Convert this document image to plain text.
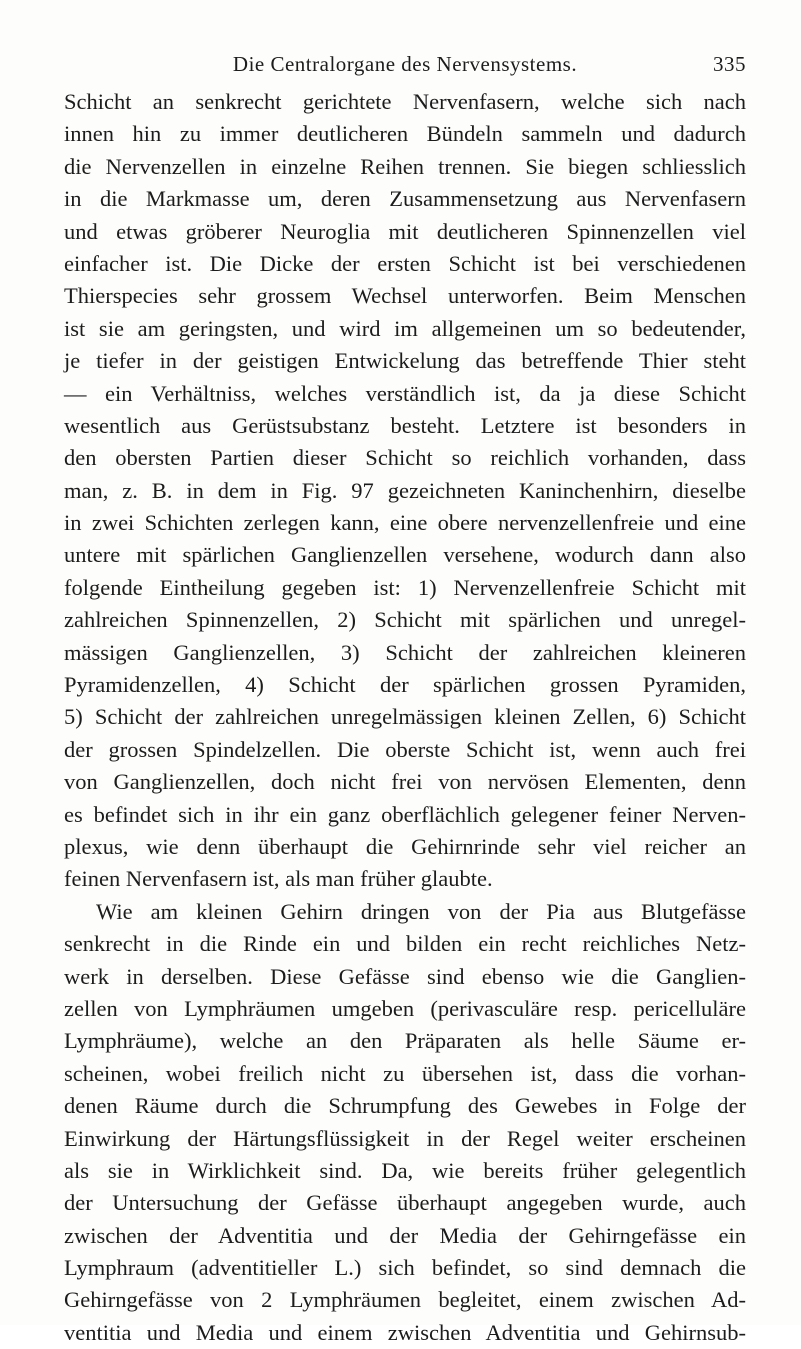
Die Centralorgane des Nervensystems.	335
Schicht an senkrecht gerichtete Nervenfasern, welche sich nach
innen hin zu immer deutlicheren Bündeln sammeln und dadurch
die Nervenzellen in einzelne Reihen trennen. Sie biegen schliesslich
in die Markmasse um, deren Zusammensetzung aus Nervenfasern
und etwas gröberer Neuroglia mit deutlicheren Spinnenzellen viel
einfacher ist. Die Dicke der ersten Schicht ist bei verschiedenen
Thierspecies sehr grossem Wechsel unterworfen. Beim Menschen
ist sie am geringsten, und wird im allgemeinen um so bedeutender,
je tiefer in der geistigen Entwickelung das betreffende Thier steht
— ein Verhältniss, welches verständlich ist, da ja diese Schicht
wesentlich aus Gerüstsubstanz besteht. Letztere ist besonders in
den obersten Partien dieser Schicht so reichlich vorhanden, dass
man, z. B. in dem in Fig. 97 gezeichneten Kaninchenhirn, dieselbe
in zwei Schichten zerlegen kann, eine obere nervenzellenfreie und eine
untere mit spärlichen Ganglienzellen versehene, wodurch dann also
folgende Eintheilung gegeben ist: 1) Nervenzellenfreie Schicht mit
zahlreichen Spinnenzellen, 2) Schicht mit spärlichen und unregel-
mässigen Ganglienzellen, 3) Schicht der zahlreichen kleineren
Pyramidenzellen, 4) Schicht der spärlichen grossen Pyramiden,
5) Schicht der zahlreichen unregelmässigen kleinen Zellen, 6) Schicht
der grossen Spindelzellen. Die oberste Schicht ist, wenn auch frei
von Ganglienzellen, doch nicht frei von nervösen Elementen, denn
es befindet sich in ihr ein ganz oberflächlich gelegener feiner Nerven-
plexus, wie denn überhaupt die Gehirnrinde sehr viel reicher an
feinen Nervenfasern ist, als man früher glaubte.
Wie am kleinen Gehirn dringen von der Pia aus Blutgefässe
senkrecht in die Rinde ein und bilden ein recht reichliches Netz-
werk in derselben. Diese Gefässe sind ebenso wie die Ganglien-
zellen von Lymphräumen umgeben (perivasculäre resp. pericelluläre
Lymphräume), welche an den Präparaten als helle Säume er-
scheinen, wobei freilich nicht zu übersehen ist, dass die vorhan-
denen Räume durch die Schrumpfung des Gewebes in Folge der
Einwirkung der Härtungsflüssigkeit in der Regel weiter erscheinen
als sie in Wirklichkeit sind. Da, wie bereits früher gelegentlich
der Untersuchung der Gefässe überhaupt angegeben wurde, auch
zwischen der Adventitia und der Media der Gehirngefässe ein
Lymphraum (adventitieller L.) sich befindet, so sind demnach die
Gehirngefässe von 2 Lymphräumen begleitet, einem zwischen Ad-
ventitia und Media und einem zwischen Adventitia und Gehirnsub-
